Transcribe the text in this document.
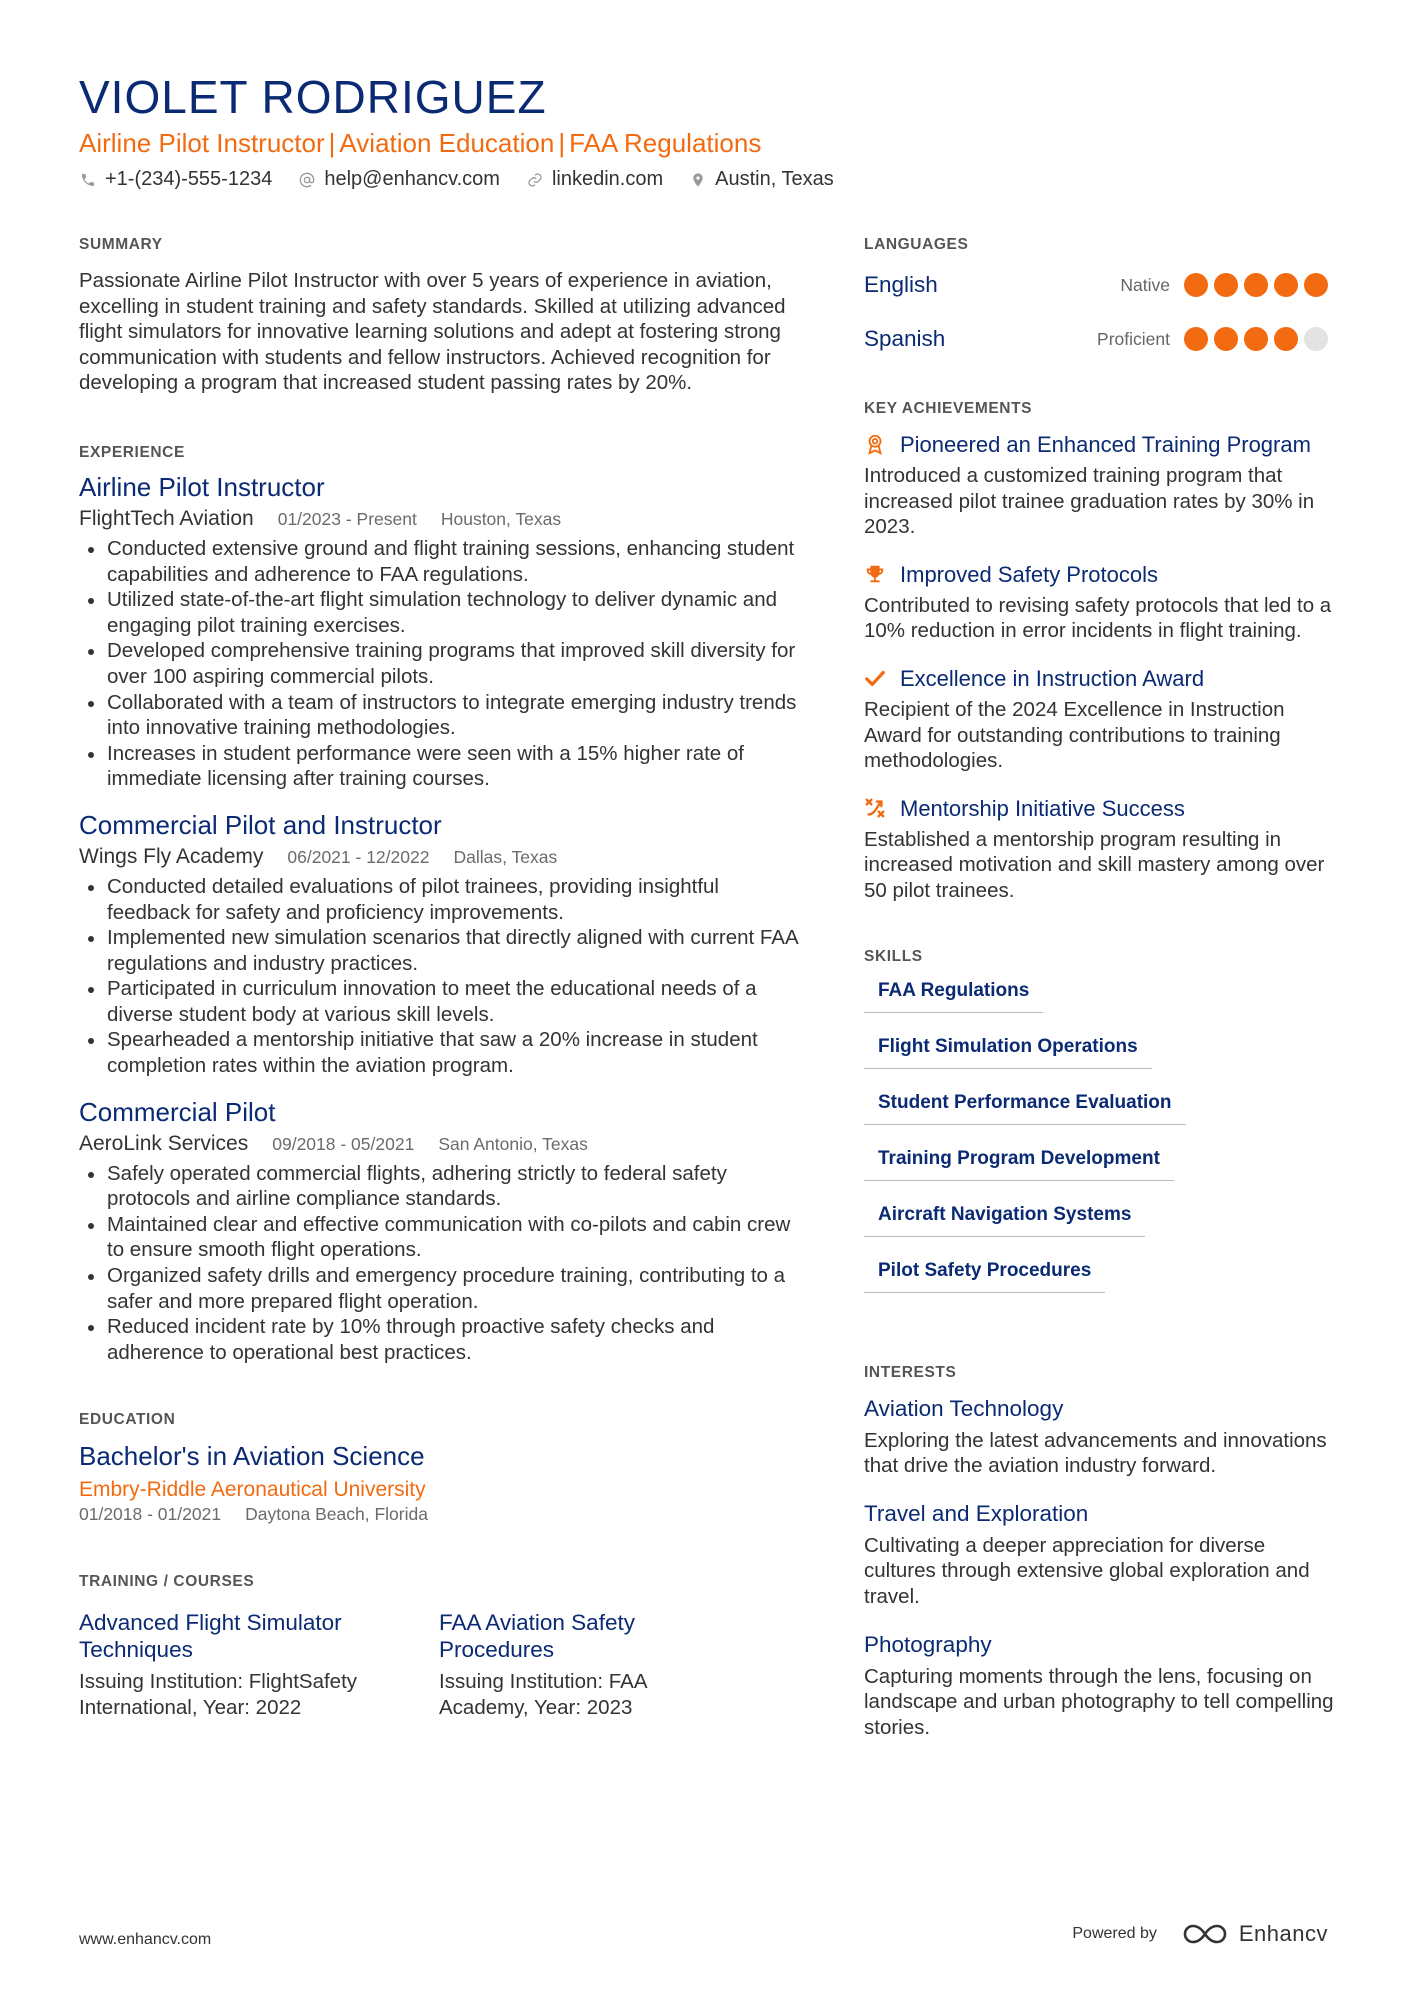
VIOLET RODRIGUEZ
Airline Pilot Instructor | Aviation Education | FAA Regulations
+1-(234)-555-1234	help@enhancv.com	linkedin.com	Austin, Texas
SUMMARY

Passionate Airline Pilot Instructor with over 5 years of experience in aviation, excelling in student training and safety standards. Skilled at utilizing advanced flight simulators for innovative learning solutions and adept at fostering strong communication with students and fellow instructors. Achieved recognition for developing a program that increased student passing rates by 20%.

EXPERIENCE
Airline Pilot Instructor
FlightTech Aviation 01/2023 - Present Houston, Texas
Conducted extensive ground and flight training sessions, enhancing student capabilities and adherence to FAA regulations.
Utilized state-of-the-art flight simulation technology to deliver dynamic and engaging pilot training exercises.
Developed comprehensive training programs that improved skill diversity for over 100 aspiring commercial pilots.
Collaborated with a team of instructors to integrate emerging industry trends into innovative training methodologies.
Increases in student performance were seen with a 15% higher rate of immediate licensing after training courses.
Commercial Pilot and Instructor
Wings Fly Academy 06/2021 - 12/2022 Dallas, Texas
Conducted detailed evaluations of pilot trainees, providing insightful feedback for safety and proficiency improvements.
Implemented new simulation scenarios that directly aligned with current FAA regulations and industry practices.
Participated in curriculum innovation to meet the educational needs of a diverse student body at various skill levels.
Spearheaded a mentorship initiative that saw a 20% increase in student completion rates within the aviation program.
Commercial Pilot
AeroLink Services 09/2018 - 05/2021 San Antonio, Texas
Safely operated commercial flights, adhering strictly to federal safety protocols and airline compliance standards.
Maintained clear and effective communication with co-pilots and cabin crew to ensure smooth flight operations.
Organized safety drills and emergency procedure training, contributing to a safer and more prepared flight operation.
Reduced incident rate by 10% through proactive safety checks and adherence to operational best practices.
EDUCATION
Bachelor's in Aviation Science
Embry-Riddle Aeronautical University
01/2018 - 01/2021 Daytona Beach, Florida
TRAINING / COURSES
Advanced Flight Simulator Techniques
Issuing Institution: FlightSafety International, Year: 2022
FAA Aviation Safety Procedures
Issuing Institution: FAA Academy, Year: 2023
LANGUAGES
English	Native
Spanish	Proficient
KEY ACHIEVEMENTS
Pioneered an Enhanced Training Program

Introduced a customized training program that increased pilot trainee graduation rates by 30% in 2023.

Improved Safety Protocols

Contributed to revising safety protocols that led to a 10% reduction in error incidents in flight training.

Excellence in Instruction Award

Recipient of the 2024 Excellence in Instruction Award for outstanding contributions to training methodologies.

Mentorship Initiative Success

Established a mentorship program resulting in increased motivation and skill mastery among over 50 pilot trainees.

SKILLS
FAA Regulations
Flight Simulation Operations
Student Performance Evaluation
Training Program Development
Aircraft Navigation Systems
Pilot Safety Procedures
INTERESTS
Aviation Technology

Exploring the latest advancements and innovations that drive the aviation industry forward.

Travel and Exploration

Cultivating a deeper appreciation for diverse cultures through extensive global exploration and travel.

Photography

Capturing moments through the lens, focusing on landscape and urban photography to tell compelling stories.

www.enhancv.com	Powered by	Enhancv
